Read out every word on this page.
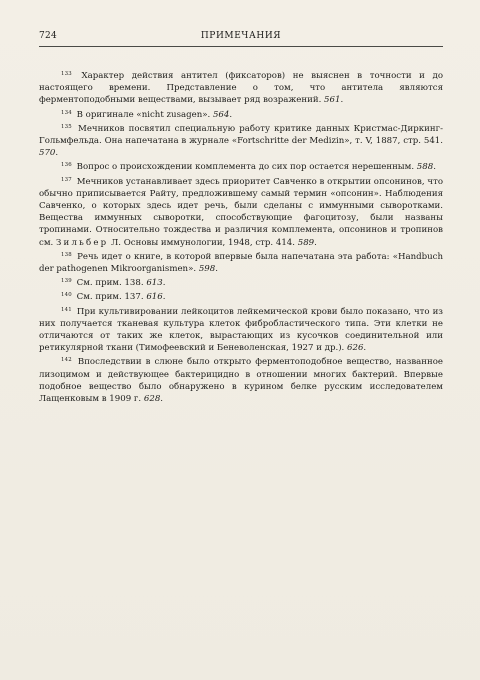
724	ПРИМЕЧАНИЯ

$^{133}$ Характер действия антител (фиксаторов) не выяснен в точности и до настоящего времени. Представление о том, что антитела являются ферментоподобными веществами, вызывает ряд возражений. 561.

$^{134}$ В оригинале «nicht zusagen». 564.

$^{135}$ Мечников посвятил специальную работу критике данных Кристмас-Диркинг-Гольмфельда. Она напечатана в журнале «Fortschritte der Medizin», т. V, 1887, стр. 541. 570.

$^{136}$ Вопрос о происхождении комплемента до сих пор остается нерешенным. 588.

$^{137}$ Мечников устанавливает здесь приоритет Савченко в открытии опсонинов, что обычно приписывается Райту, предложившему самый термин «опсонин». Наблюдения Савченко, о которых здесь идет речь, были сделаны с иммунными сыворотками. Вещества иммунных сыворотки, способствующие фагоцитозу, были названы тропинами. Относительно тождества и различия комплемента, опсонинов и тропинов см. Зильбер Л. Основы иммунологии, 1948, стр. 414. 589.

$^{138}$ Речь идет о книге, в которой впервые была напечатана эта работа: «Handbuch der pathogenen Mikroorganismen». 598.

$^{139}$ См. прим. 138. 613.

$^{140}$ См. прим. 137. 616.

$^{141}$ При культивировании лейкоцитов лейкемической крови было показано, что из них получается тканевая культура клеток фибробластического типа. Эти клетки не отличаются от таких же клеток, вырастающих из кусочков соединительной или ретикулярной ткани (Тимофеевский и Беневоленская, 1927 и др.). 626.

$^{142}$ Впоследствии в слюне было открыто ферментоподобное вещество, названное лизоцимом и действующее бактерицидно в отношении многих бактерий. Впервые подобное вещество было обнаружено в курином белке русским исследователем Лащенковым в 1909 г. 628.
